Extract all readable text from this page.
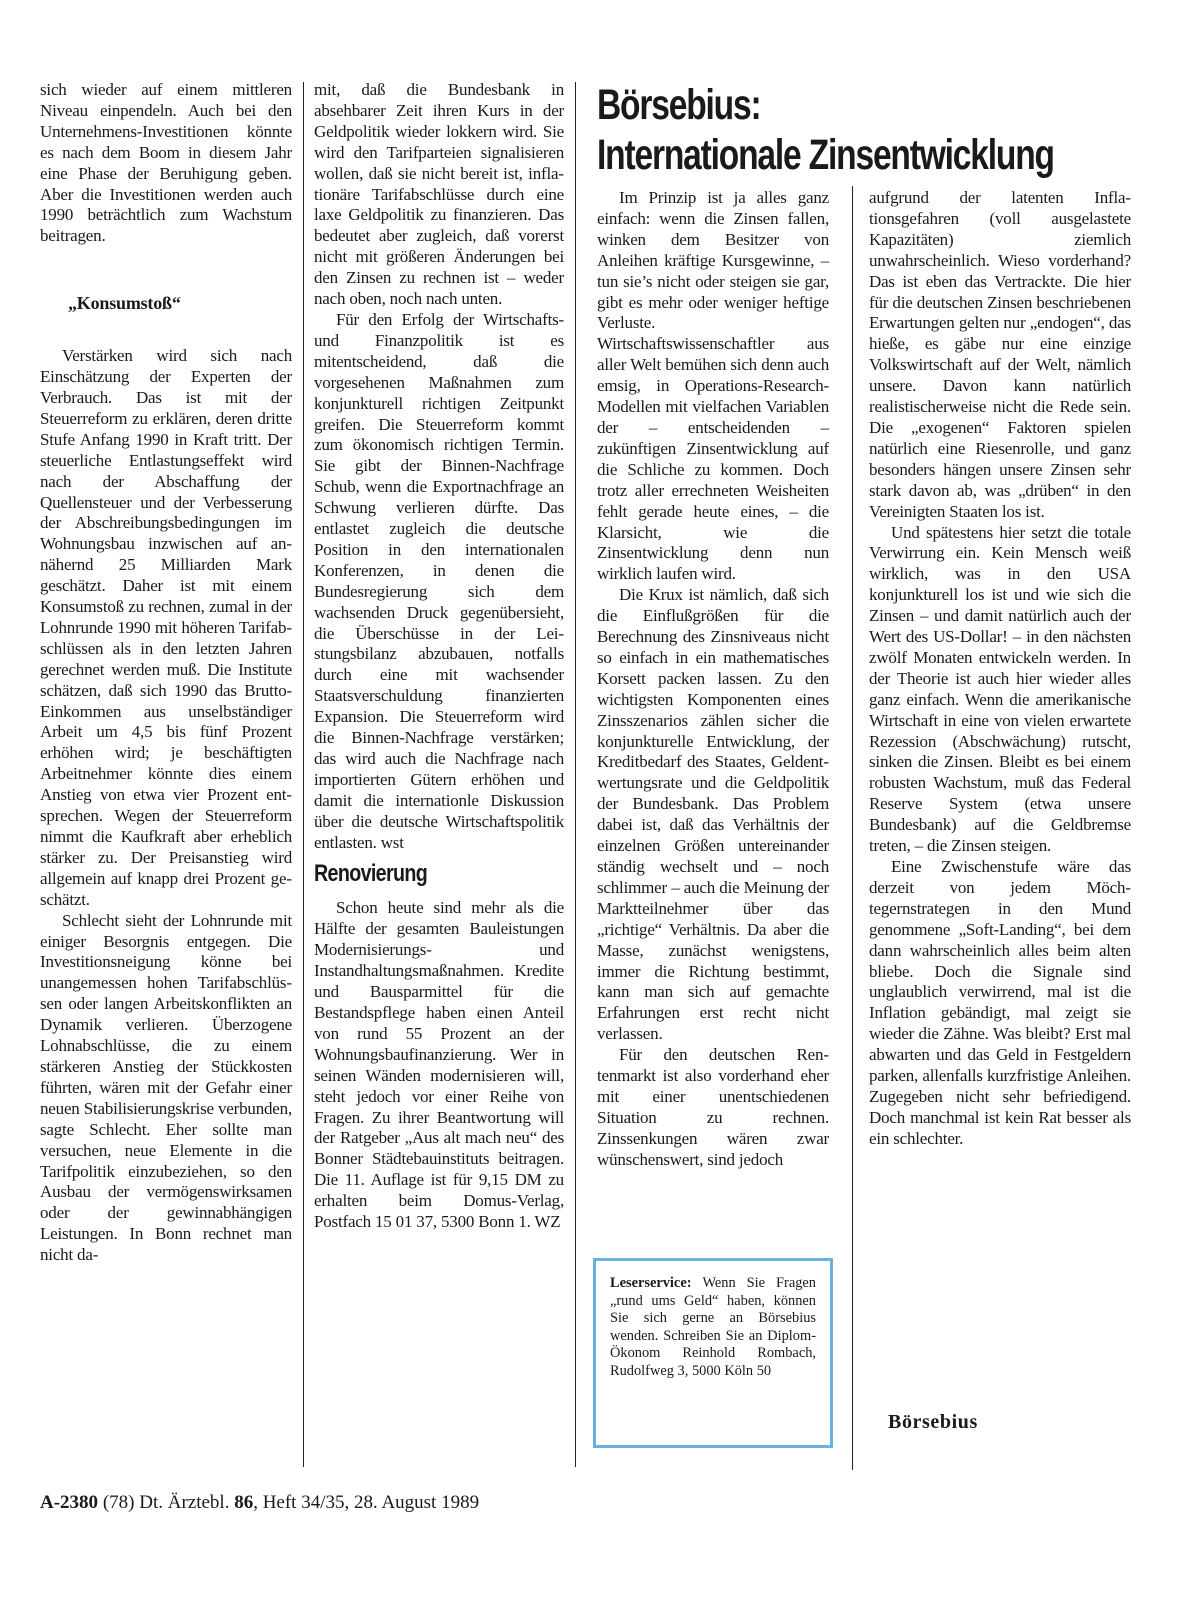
sich wieder auf einem mittleren Niveau einpendeln. Auch bei den Unternehmens-Investitionen könnte es nach dem Boom in diesem Jahr eine Phase der Beruhigung geben. Aber die Investitionen werden auch 1990 beträchtlich zum Wachstum beitragen.

„Konsumstoß“

Verstärken wird sich nach Einschätzung der Experten der Verbrauch. Das ist mit der Steuerreform zu erklären, deren dritte Stufe Anfang 1990 in Kraft tritt. Der steuerliche Entlastungseffekt wird nach der Abschaffung der Quellensteuer und der Verbesserung der Abschreibungsbedingungen im Wohnungsbau inzwischen auf annähernd 25 Milliarden Mark geschätzt. Daher ist mit einem Konsumstoß zu rechnen, zumal in der Lohnrunde 1990 mit höheren Tarifabschlüssen als in den letzten Jahren gerechnet werden muß. Die Institute schätzen, daß sich 1990 das Brutto-Einkommen aus unselbständiger Arbeit um 4,5 bis fünf Prozent erhöhen wird; je beschäftigten Arbeitnehmer könnte dies einem Anstieg von etwa vier Prozent entsprechen. Wegen der Steuerreform nimmt die Kaufkraft aber erheblich stärker zu. Der Preisanstieg wird allgemein auf knapp drei Prozent geschätzt.

Schlecht sieht der Lohnrunde mit einiger Besorgnis entgegen. Die Investitionsneigung könne bei unangemessen hohen Tarifabschlüssen oder langen Arbeitskonflikten an Dynamik verlieren. Überzogene Lohnabschlüsse, die zu einem stärkeren Anstieg der Stückkosten führten, wären mit der Gefahr einer neuen Stabilisierungskrise verbunden, sagte Schlecht. Eher sollte man versuchen, neue Elemente in die Tarifpolitik einzubeziehen, so den Ausbau der vermögenswirksamen oder der gewinnabhängigen Leistungen. In Bonn rechnet man nicht da-

mit, daß die Bundesbank in absehbarer Zeit ihren Kurs in der Geldpolitik wieder lokkern wird. Sie wird den Tarifparteien signalisieren wollen, daß sie nicht bereit ist, inflationäre Tarifabschlüsse durch eine laxe Geldpolitik zu finanzieren. Das bedeutet aber zugleich, daß vorerst nicht mit größeren Änderungen bei den Zinsen zu rechnen ist – weder nach oben, noch nach unten.

Für den Erfolg der Wirtschafts- und Finanzpolitik ist es mitentscheidend, daß die vorgesehenen Maßnahmen zum konjunkturell richtigen Zeitpunkt greifen. Die Steuerreform kommt zum ökonomisch richtigen Termin. Sie gibt der Binnen-Nachfrage Schub, wenn die Exportnachfrage an Schwung verlieren dürfte. Das entlastet zugleich die deutsche Position in den internationalen Konferenzen, in denen die Bundesregierung sich dem wachsenden Druck gegenübersieht, die Überschüsse in der Leistungsbilanz abzubauen, notfalls durch eine mit wachsender Staatsverschuldung finanzierten Expansion. Die Steuerreform wird die Binnen-Nachfrage verstärken; das wird auch die Nachfrage nach importierten Gütern erhöhen und damit die internationle Diskussion über die deutsche Wirtschaftspolitik entlasten. wst

Renovierung

Schon heute sind mehr als die Hälfte der gesamten Bauleistungen Modernisierungs- und Instandhaltungsmaßnahmen. Kredite und Bausparmittel für die Bestandspflege haben einen Anteil von rund 55 Prozent an der Wohnungsbaufinanzierung. Wer in seinen Wänden modernisieren will, steht jedoch vor einer Reihe von Fragen. Zu ihrer Beantwortung will der Ratgeber „Aus alt mach neu“ des Bonner Städtebauinstituts beitragen. Die 11. Auflage ist für 9,15 DM zu erhalten beim Domus-Verlag, Postfach 15 01 37, 5300 Bonn 1. WZ

Börsebius:
Internationale Zinsentwicklung

Im Prinzip ist ja alles ganz einfach: wenn die Zinsen fallen, winken dem Besitzer von Anleihen kräftige Kursgewinne, – tun sie’s nicht oder steigen sie gar, gibt es mehr oder weniger heftige Verluste. Wirtschaftswissenschaftler aus aller Welt bemühen sich denn auch emsig, in Operations-Research-Modellen mit vielfachen Variablen der – entscheidenden – zukünftigen Zinsentwicklung auf die Schliche zu kommen. Doch trotz aller errechneten Weisheiten fehlt gerade heute eines, – die Klarsicht, wie die Zinsentwicklung denn nun wirklich laufen wird.

Die Krux ist nämlich, daß sich die Einflußgrößen für die Berechnung des Zinsniveaus nicht so einfach in ein mathematisches Korsett packen lassen. Zu den wichtigsten Komponenten eines Zinsszenarios zählen sicher die konjunkturelle Entwicklung, der Kreditbedarf des Staates, Geldentwertungsrate und die Geldpolitik der Bundesbank. Das Problem dabei ist, daß das Verhältnis der einzelnen Größen untereinander ständig wechselt und – noch schlimmer – auch die Meinung der Marktteilnehmer über das „richtige“ Verhältnis. Da aber die Masse, zunächst wenigstens, immer die Richtung bestimmt, kann man sich auf gemachte Erfahrungen erst recht nicht verlassen.

Für den deutschen Rentenmarkt ist also vorderhand eher mit einer unentschiedenen Situation zu rechnen. Zinssenkungen wären zwar wünschenswert, sind jedoch

Leserservice: Wenn Sie Fragen „rund ums Geld“ haben, können Sie sich gerne an Börsebius wenden. Schreiben Sie an Diplom-Ökonom Reinhold Rombach, Rudolfweg 3, 5000 Köln 50

aufgrund der latenten Inflationsgefahren (voll ausgelastete Kapazitäten) ziemlich unwahrscheinlich. Wieso vorderhand? Das ist eben das Vertrackte. Die hier für die deutschen Zinsen beschriebenen Erwartungen gelten nur „endogen“, das hieße, es gäbe nur eine einzige Volkswirtschaft auf der Welt, nämlich unsere. Davon kann natürlich realistischerweise nicht die Rede sein. Die „exogenen“ Faktoren spielen natürlich eine Riesenrolle, und ganz besonders hängen unsere Zinsen sehr stark davon ab, was „drüben“ in den Vereinigten Staaten los ist.

Und spätestens hier setzt die totale Verwirrung ein. Kein Mensch weiß wirklich, was in den USA konjunkturell los ist und wie sich die Zinsen – und damit natürlich auch der Wert des US-Dollar! – in den nächsten zwölf Monaten entwickeln werden. In der Theorie ist auch hier wieder alles ganz einfach. Wenn die amerikanische Wirtschaft in eine von vielen erwartete Rezession (Abschwächung) rutscht, sinken die Zinsen. Bleibt es bei einem robusten Wachstum, muß das Federal Reserve System (etwa unsere Bundesbank) auf die Geldbremse treten, – die Zinsen steigen.

Eine Zwischenstufe wäre das derzeit von jedem Möchtegernstrategen in den Mund genommene „Soft-Landing“, bei dem dann wahrscheinlich alles beim alten bliebe. Doch die Signale sind unglaublich verwirrend, mal ist die Inflation gebändigt, mal zeigt sie wieder die Zähne. Was bleibt? Erst mal abwarten und das Geld in Festgeldern parken, allenfalls kurzfristige Anleihen. Zugegeben nicht sehr befriedigend. Doch manchmal ist kein Rat besser als ein schlechter.

Börsebius
A-2380 (78) Dt. Ärztebl. 86, Heft 34/35, 28. August 1989
